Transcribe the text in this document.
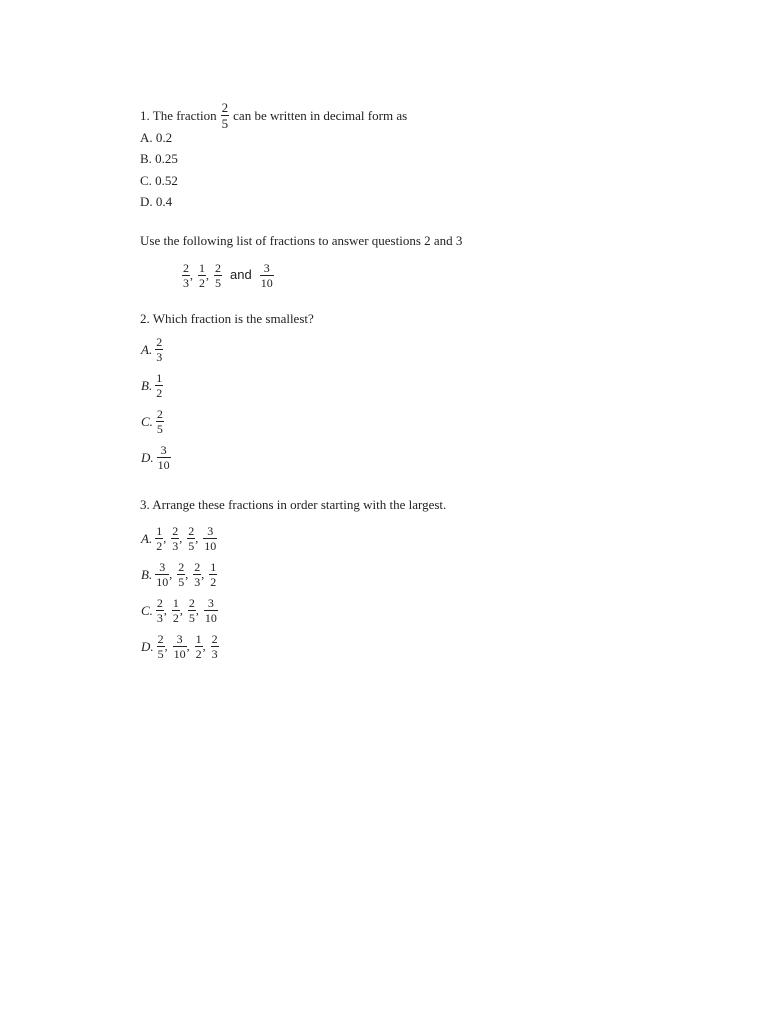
1. The fraction $\frac{2}{5}$ can be written in decimal form as
A. 0.2
B. 0.25
C. 0.52
D. 0.4
Use the following list of fractions to answer questions 2 and 3
$\frac{2}{3}$ , $\frac{1}{2}$ , $\frac{2}{5}$ and $\frac{3}{10}$
2. Which fraction is the smallest?
A. $\frac{2}{3}$
B. $\frac{1}{2}$
C. $\frac{2}{5}$
D. $\frac{3}{10}$
3. Arrange these fractions in order starting with the largest.
A. $\frac{1}{2}$ , $\frac{2}{3}$ , $\frac{2}{5}$ , $\frac{3}{10}$
B. $\frac{3}{10}$ , $\frac{2}{5}$ , $\frac{2}{3}$ , $\frac{1}{2}$
C. $\frac{2}{3}$ , $\frac{1}{2}$ , $\frac{2}{5}$ , $\frac{3}{10}$
D. $\frac{2}{5}$ , $\frac{3}{10}$ , $\frac{1}{2}$ , $\frac{2}{3}$
